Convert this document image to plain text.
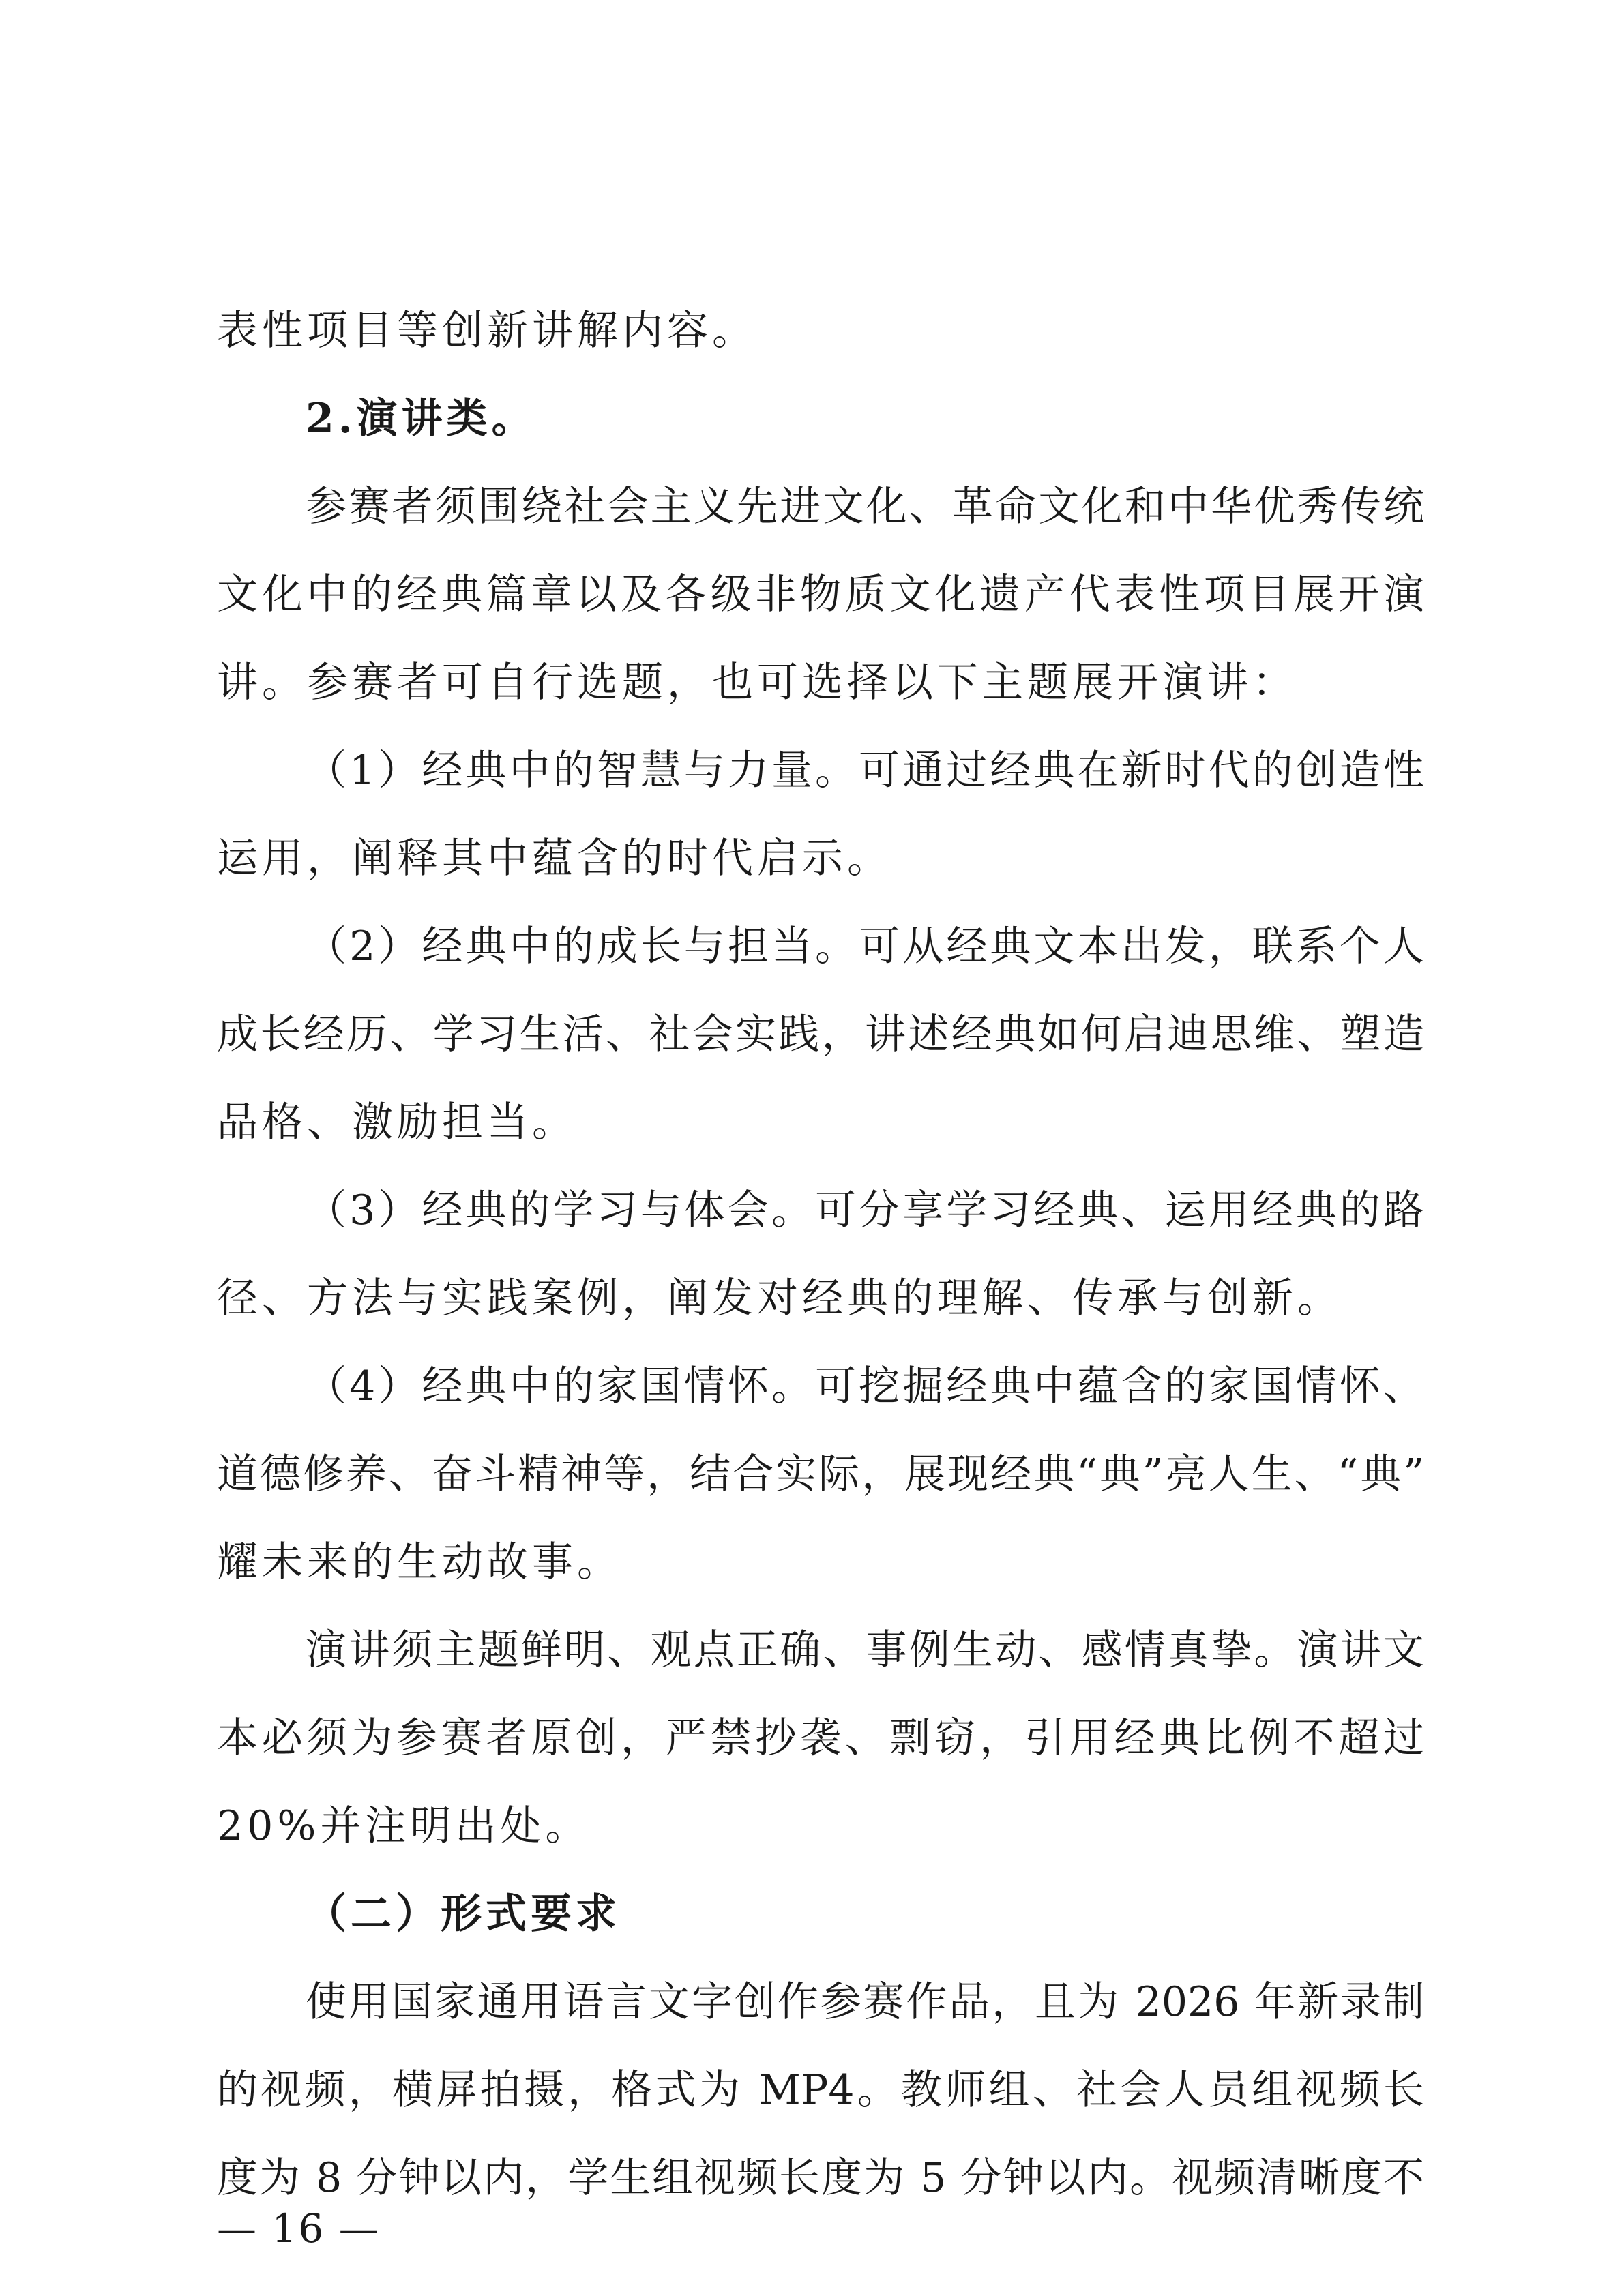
表性项目等创新讲解内容。
2.演讲类。
参赛者须围绕社会主义先进文化、革命文化和中华优秀传统
文化中的经典篇章以及各级非物质文化遗产代表性项目展开演
讲。参赛者可自行选题，也可选择以下主题展开演讲：
（1）经典中的智慧与力量。可通过经典在新时代的创造性
运用，阐释其中蕴含的时代启示。
（2）经典中的成长与担当。可从经典文本出发，联系个人
成长经历、学习生活、社会实践，讲述经典如何启迪思维、塑造
品格、激励担当。
（3）经典的学习与体会。可分享学习经典、运用经典的路
径、方法与实践案例，阐发对经典的理解、传承与创新。
（4）经典中的家国情怀。可挖掘经典中蕴含的家国情怀、
道德修养、奋斗精神等，结合实际，展现经典“典”亮人生、“典”
耀未来的生动故事。
演讲须主题鲜明、观点正确、事例生动、感情真挚。演讲文
本必须为参赛者原创，严禁抄袭、剽窃，引用经典比例不超过
20%并注明出处。
（二）形式要求
使用国家通用语言文字创作参赛作品，且为 2026 年新录制
的视频，横屏拍摄，格式为 MP4。教师组、社会人员组视频长
度为 8 分钟以内，学生组视频长度为 5 分钟以内。视频清晰度不
— 16 —
